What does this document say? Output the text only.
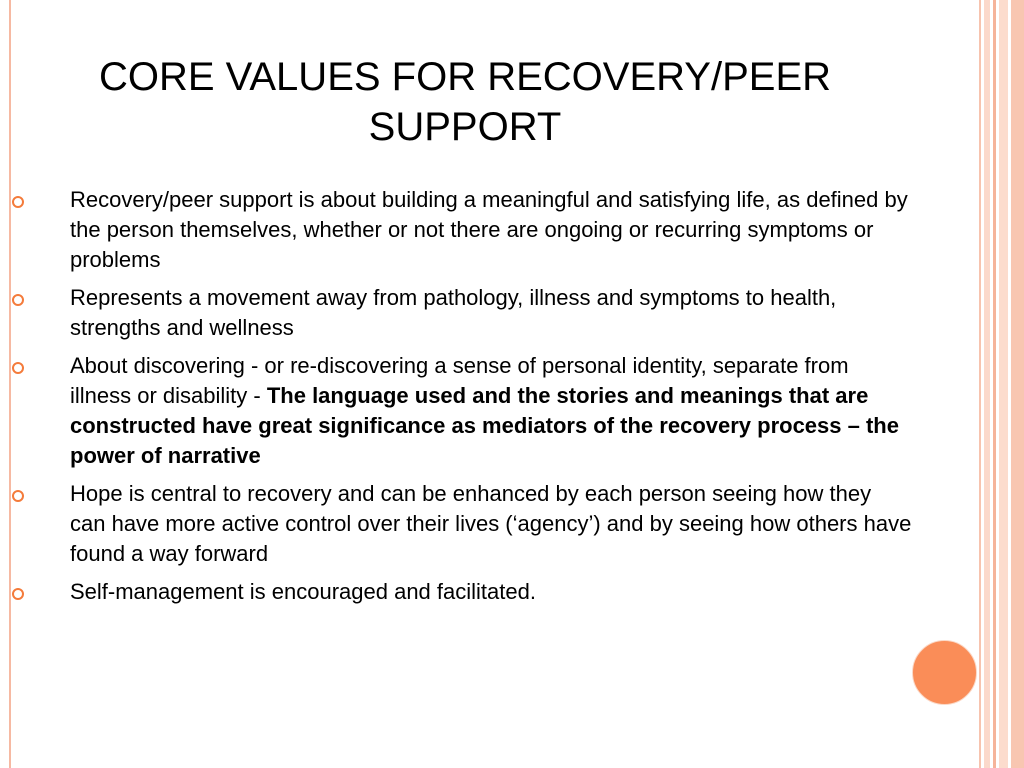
CORE VALUES FOR RECOVERY/PEER
SUPPORT
Recovery/peer support is about building a meaningful and satisfying life, as defined by the person themselves, whether or not there are ongoing or recurring symptoms or problems
Represents a movement away from pathology, illness and symptoms to health, strengths and wellness
About discovering - or re-discovering a sense of personal identity, separate from illness or disability - The language used and the stories and meanings that are constructed have great significance as mediators of the recovery process – the power of narrative
Hope is central to recovery and can be enhanced by each person seeing how they can have more active control over their lives (‘agency’) and by seeing how others have found a way forward
Self-management is encouraged and facilitated.
